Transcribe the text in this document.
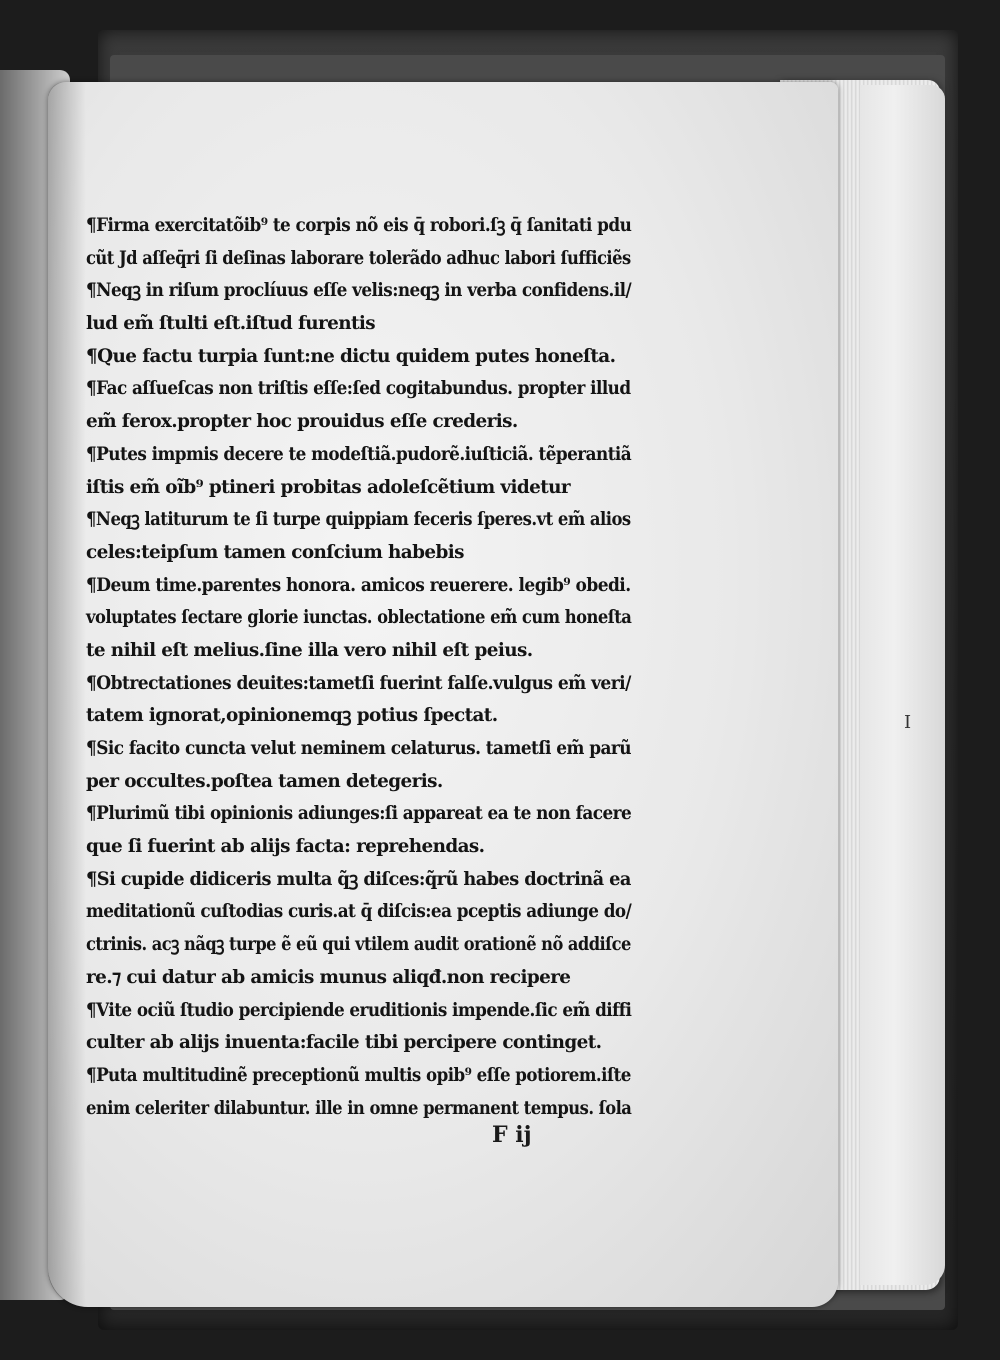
¶Firma exercitatõib⁹ te corpis nõ eis q̄ robori.ſꝫ q̄ ſanitati pdu
cũt Jd aſſeq̄ri ſi deſinas laborare tolerãdo adhuc labori ſufficiẽs
¶Neqꝫ in riſum proclíuus eſſe velis:neqꝫ in verba confidens.il/
lud em̃ ſtulti eſt.iſtud furentis
¶Que factu turpia ſunt:ne dictu quidem putes honeſta.
¶Fac aſſueſcas non triſtis eſſe:ſed cogitabundus. propter illud
em̃ ferox.propter hoc prouidus eſſe crederis.
¶Putes impmis decere te modeſtiã.pudorẽ.iuſticiã. tẽperantiã
iſtis em̃ oĩb⁹ ptineri probitas adoleſcẽtium videtur
¶Neqꝫ latiturum te ſi turpe quippiam feceris ſperes.vt em̃ alios
celes:teipſum tamen conſcium habebis
¶Deum time.parentes honora. amicos reuerere. legib⁹ obedi.
voluptates ſectare glorie iunctas. oblectatione em̃ cum honeſta
te nihil eſt melius.ſine illa vero nihil eſt peius.
¶Obtrectationes deuites:tametſi fuerint falſe.vulgus em̃ veri/
tatem ignorat,opinionemqꝫ potius ſpectat.
¶Sic facito cuncta velut neminem celaturus. tametſi em̃ parũ
per occultes.poſtea tamen detegeris.
¶Plurimũ tibi opinionis adiunges:ſi appareat ea te non facere
que ſi fuerint ab alijs facta: reprehendas.
¶Si cupide didiceris multa q̃ꝫ diſces:q̃rũ habes doctrinã ea
meditationũ cuſtodias curis.at q̄ diſcis:ea pceptis adiunge do/
ctrinis. acꝫ nãqꝫ turpe ẽ eũ qui vtilem audit orationẽ nõ addiſce
re.⁊ cui datur ab amicis munus aliqđ.non recipere
¶Vite ociũ ſtudio percipiende eruditionis impende.ſic em̃ diffi
culter ab alijs inuenta:facile tibi percipere continget.
¶Puta multitudinẽ preceptionũ multis opib⁹ eſſe potiorem.iſte
enim celeriter dilabuntur. ille in omne permanent tempus. ſola
F ij
I
